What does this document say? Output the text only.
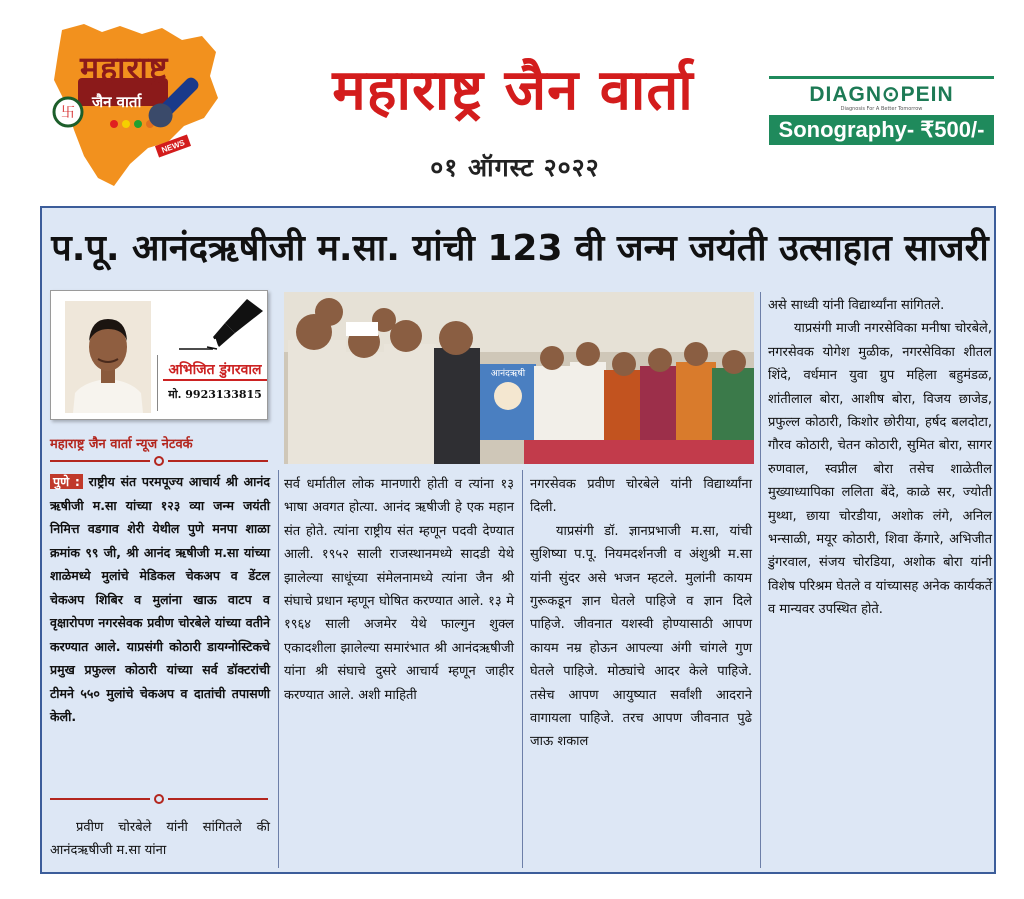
卐
NEWS
महाराष्ट्र
जैन वार्ता	महाराष्ट्र जैन वार्ता
०१ ऑगस्ट २०२२
DIAGN⊙PEIN
Diagnosis For A Better Tomorrow
Sonography- ₹500/-
प.पू. आनंदऋषीजी म.सा. यांची 123 वी जन्म जयंती उत्साहात साजरी
अभिजित डुंगरवाल
मो. 9923133815
महाराष्ट्र जैन वार्ता न्यूज नेटवर्क
पुणे : राष्ट्रीय संत परमपूज्य आचार्य श्री आनंद ऋषीजी म.सा यांच्या १२३ व्या जन्म जयंती निमित्त वडगाव शेरी येथील पुणे मनपा शाळा क्रमांक ९९ जी, श्री आनंद ऋषीजी म.सा यांच्या शाळेमध्ये मुलांचे मेडिकल चेकअप व डेंटल चेकअप शिबिर व मुलांना खाऊ वाटप व वृक्षारोपण नगरसेवक प्रवीण चोरबेले यांच्या वतीने करण्यात आले. याप्रसंगी कोठारी डायग्नोस्टिकचे प्रमुख प्रफुल्ल कोठारी यांच्या सर्व डॉक्टरांची टीमने ५५० मुलांचे चेकअप व दातांची तपासणी केली.
प्रवीण चोरबेले यांनी सांगितले की आनंदऋषीजी म.सा यांना
आनंदऋषी
सर्व धर्मातील लोक मानणारी होती व त्यांना १३ भाषा अवगत होत्या. आनंद ऋषीजी हे एक महान संत होते. त्यांना राष्ट्रीय संत म्हणून पदवी देण्यात आली. १९५२ साली राजस्थानमध्ये सादडी येथे झालेल्या साधूंच्या संमेलनामध्ये त्यांना जैन श्री संघाचे प्रधान म्हणून घोषित करण्यात आले. १३ मे १९६४ साली अजमेर येथे फाल्गुन शुक्ल एकादशीला झालेल्या समारंभात श्री आनंदऋषीजी यांना श्री संघाचे दुसरे आचार्य म्हणून जाहीर करण्यात आले. अशी माहिती
नगरसेवक प्रवीण चोरबेले यांनी विद्यार्थ्यांना दिली.
याप्रसंगी डॉ. ज्ञानप्रभाजी म.सा, यांची सुशिष्या प.पू. नियमदर्शनजी व अंशुश्री म.सा यांनी सुंदर असे भजन म्हटले. मुलांनी कायम गुरूकडून ज्ञान घेतले पाहिजे व ज्ञान दिले पाहिजे. जीवनात यशस्वी होण्यासाठी आपण कायम नम्र होऊन आपल्या अंगी चांगले गुण घेतले पाहिजे. मोठ्यांचे आदर केले पाहिजे. तसेच आपण आयुष्यात सर्वांशी आदराने वागायला पाहिजे. तरच आपण जीवनात पुढे जाऊ शकाल
असे साध्वी यांनी विद्यार्थ्यांना सांगितले.
याप्रसंगी माजी नगरसेविका मनीषा चोरबेले, नगरसेवक योगेश मुळीक, नगरसेविका शीतल शिंदे, वर्धमान युवा ग्रुप महिला बहुमंडळ, शांतीलाल बोरा, आशीष बोरा, विजय छाजेड, प्रफुल्ल कोठारी, किशोर छोरीया, हर्षद बलदोटा, गौरव कोठारी, चेतन कोठारी, सुमित बोरा, सागर रुणवाल, स्वप्नील बोरा तसेच शाळेतील मुख्याध्यापिका ललिता बेंदे, काळे सर, ज्योती मुथ्था, छाया चोरडीया, अशोक लंगे, अनिल भन्साळी, मयूर कोठारी, शिवा केंगारे, अभिजीत डुंगरवाल, संजय चोरडिया, अशोक बोरा यांनी विशेष परिश्रम घेतले व यांच्यासह अनेक कार्यकर्ते व मान्यवर उपस्थित होते.
